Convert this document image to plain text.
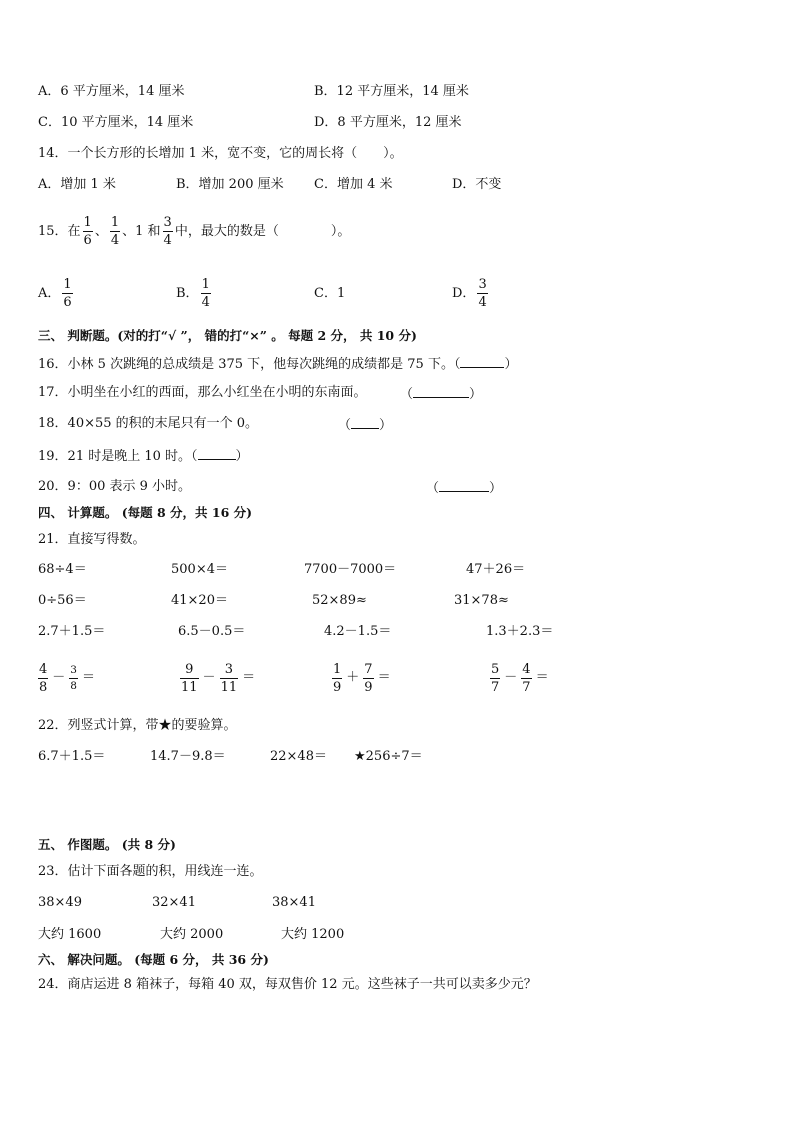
A．6 平方厘米，14 厘米	B．12 平方厘米，14 厘米
C．10 平方厘米，14 厘米	D．8 平方厘米，12 厘米
14．一个长方形的长增加 1 米，宽不变，它的周长将（　　）。
A．增加 1 米	B．增加 200 厘米 C．增加 4 米	D．不变
15．在 $\frac{1}{6}$ 、 $\frac{1}{4}$ 、1 和 $\frac{3}{4}$ 中，最大的数是（　　　　）。
A． $\frac{1}{6}$	B． $\frac{1}{4}$	C．1	D． $\frac{3}{4}$
三、 判断题。(对的打“√ ”， 错的打“×” 。 每题 2 分， 共 10 分)
16．小林 5 次跳绳的总成绩是 375 下，他每次跳绳的成绩都是 75 下。（	）
17．小明坐在小红的西面，那么小红坐在小明的东南面。	（	）
18．40×55 的积的末尾只有一个 0。	（ ）
19．21 时是晚上 10 时。（	）
20．9：00 表示 9 小时。	（	）
四、 计算题。 (每题 8 分，共 16 分)
21．直接写得数。
68÷4＝	500×4＝	7700－7000＝	47＋26＝
0÷56＝	41×20＝	52×89≈	31×78≈
2.7＋1.5＝	6.5－0.5＝	4.2－1.5＝	1.3＋2.3＝
$\frac{4}{8} - \frac{3}{8}$ ＝	$\frac{9}{11} - \frac{3}{11}$ ＝	$\frac{1}{9} + \frac{7}{9}$ ＝	$\frac{5}{7} - \frac{4}{7}$ ＝
22．列竖式计算，带★的要验算。
6.7＋1.5＝	14.7－9.8＝	22×48＝ ★256÷7＝
五、 作图题。 (共 8 分)
23．估计下面各题的积，用线连一连。
38×49	32×41	38×41
大约 1600	大约 2000	大约 1200
六、 解决问题。 (每题 6 分， 共 36 分)
24．商店运进 8 箱袜子，每箱 40 双，每双售价 12 元。这些袜子一共可以卖多少元？
